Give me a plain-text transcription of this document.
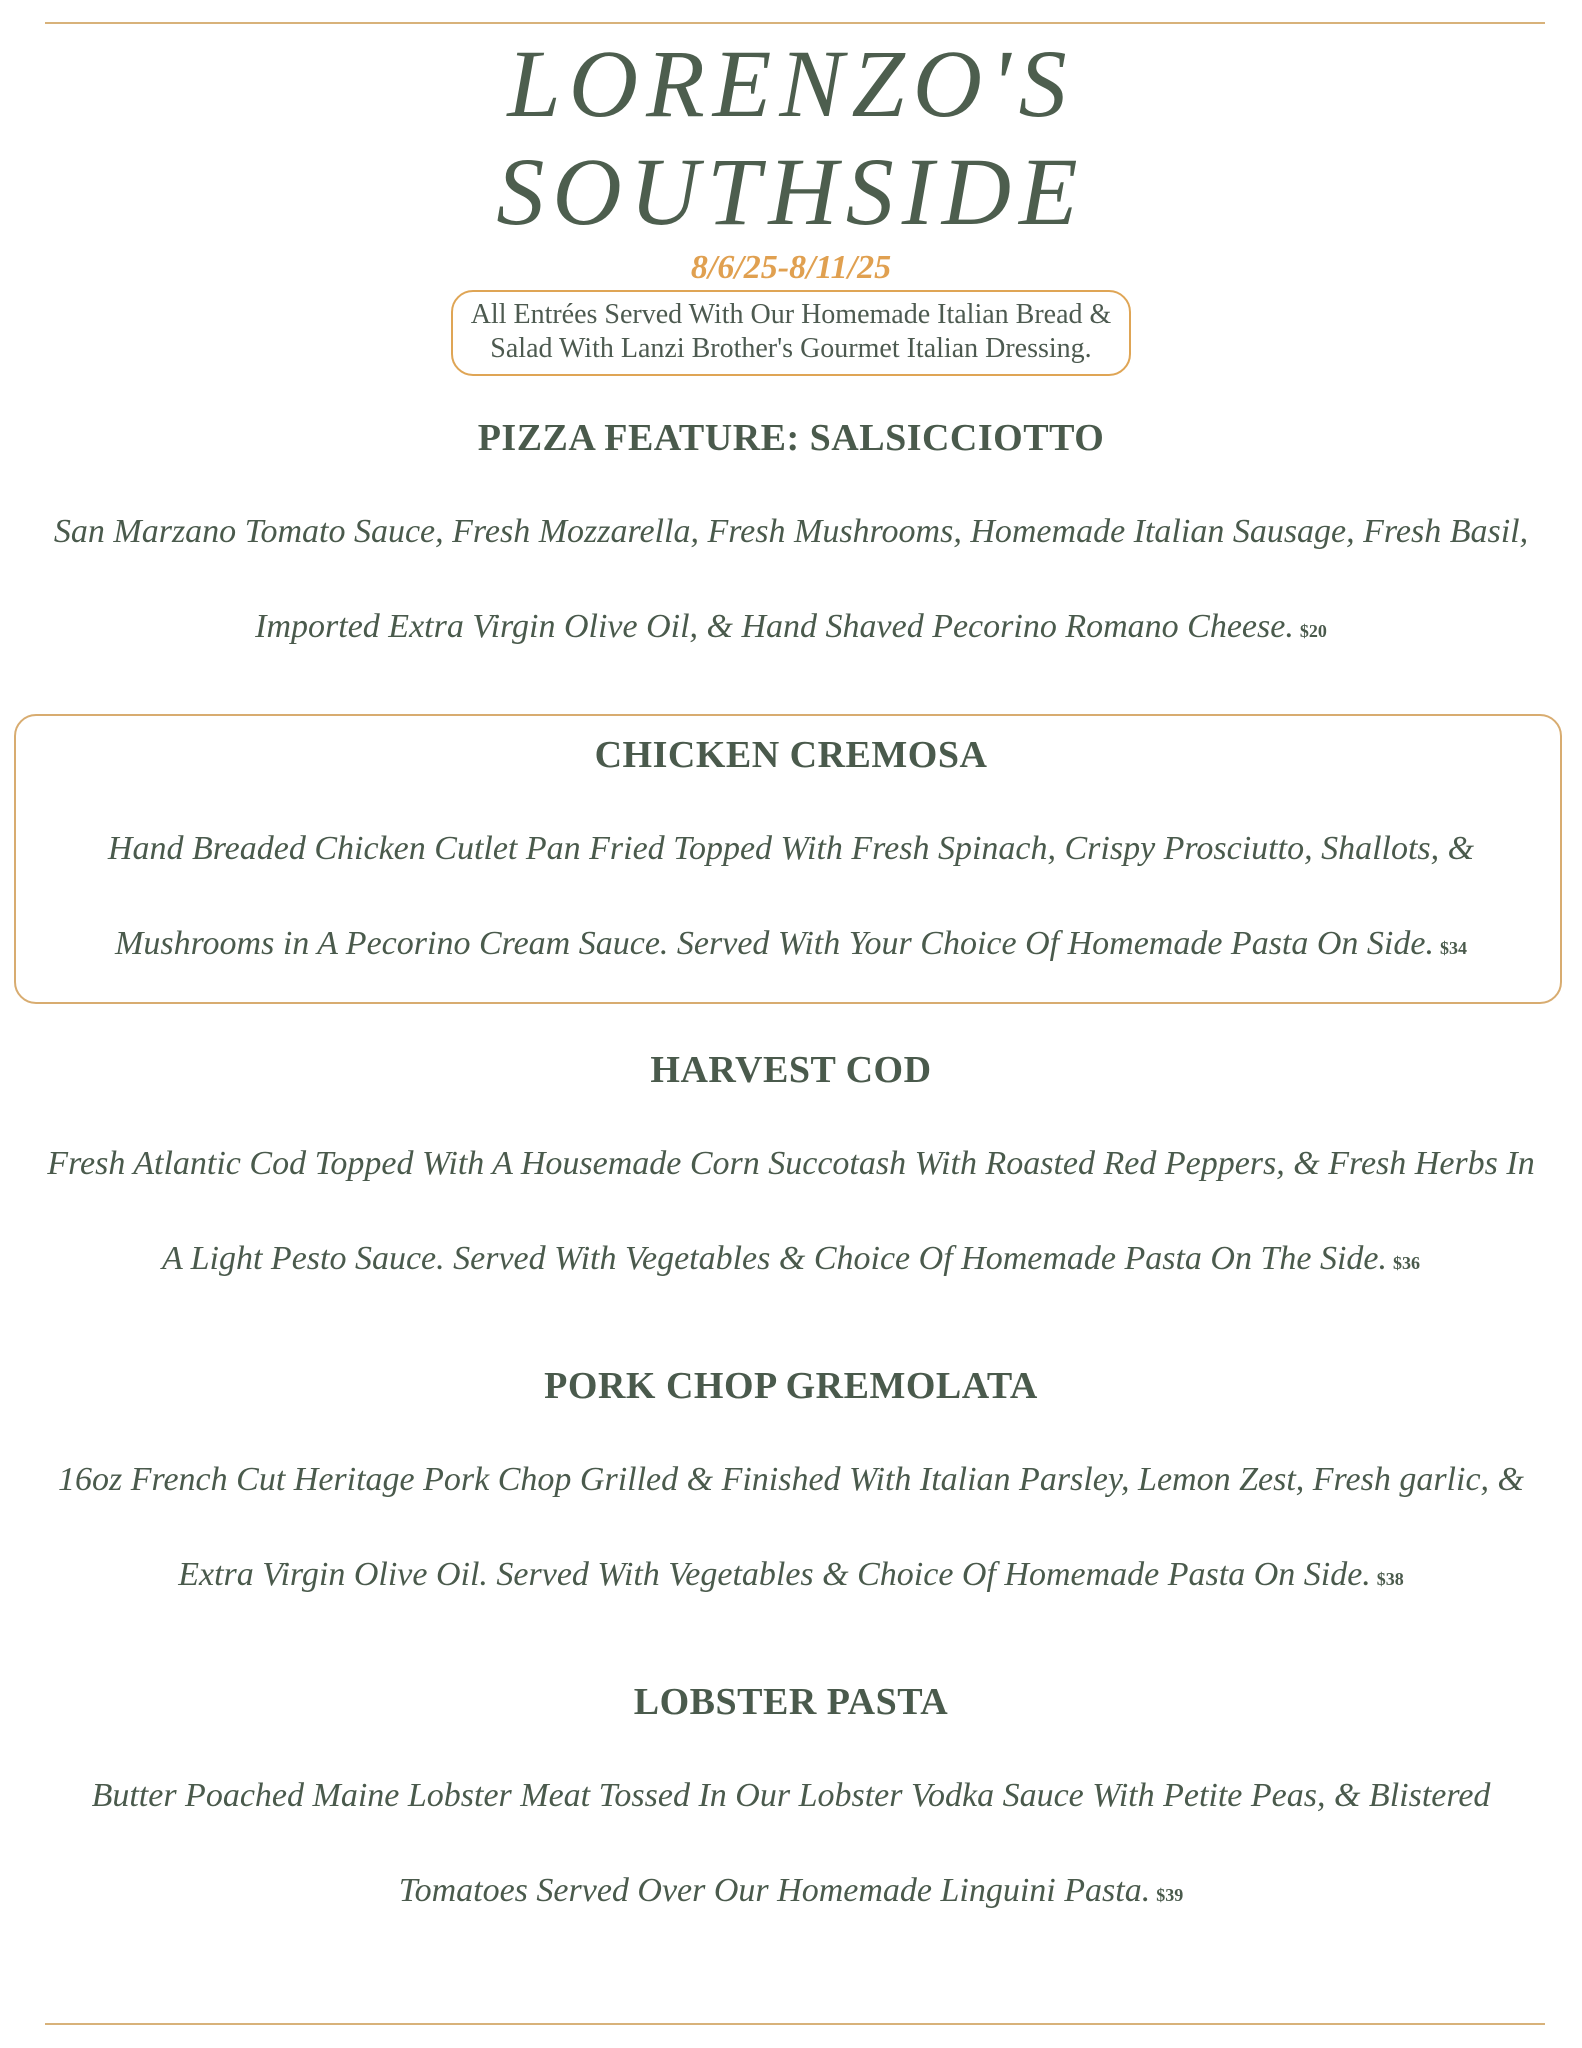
LORENZO'S
SOUTHSIDE
8/6/25-8/11/25
All Entrées Served With Our Homemade Italian Bread &
Salad With Lanzi Brother's Gourmet Italian Dressing.
PIZZA FEATURE: SALSICCIOTTO
San Marzano Tomato Sauce, Fresh Mozzarella, Fresh Mushrooms, Homemade Italian Sausage, Fresh Basil,
Imported Extra Virgin Olive Oil, & Hand Shaved Pecorino Romano Cheese. $20
CHICKEN CREMOSA
Hand Breaded Chicken Cutlet Pan Fried Topped With Fresh Spinach, Crispy Prosciutto, Shallots, &
Mushrooms in A Pecorino Cream Sauce. Served With Your Choice Of Homemade Pasta On Side. $34
HARVEST COD
Fresh Atlantic Cod Topped With A Housemade Corn Succotash With Roasted Red Peppers, & Fresh Herbs In
A Light Pesto Sauce. Served With Vegetables & Choice Of Homemade Pasta On The Side. $36
PORK CHOP GREMOLATA
16oz French Cut Heritage Pork Chop Grilled & Finished With Italian Parsley, Lemon Zest, Fresh garlic, &
Extra Virgin Olive Oil. Served With Vegetables & Choice Of Homemade Pasta On Side. $38
LOBSTER PASTA
Butter Poached Maine Lobster Meat Tossed In Our Lobster Vodka Sauce With Petite Peas, & Blistered
Tomatoes Served Over Our Homemade Linguini Pasta. $39
